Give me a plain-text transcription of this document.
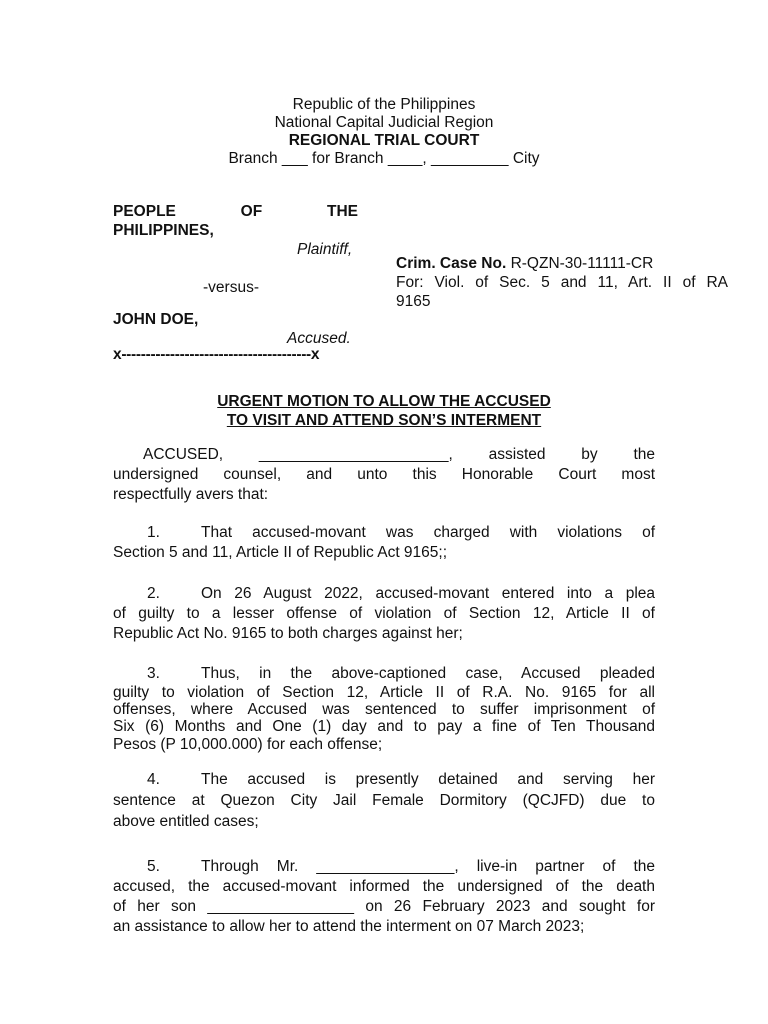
Republic of the Philippines
National Capital Judicial Region
REGIONAL TRIAL COURT
Branch ___ for Branch ____, _________ City
PEOPLE OF THE
PHILIPPINES,
Plaintiff,
-versus-
JOHN DOE,
Accused.
x---------------------------------------x
Crim. Case No. R-QZN-30-11111-CR
For: Viol. of Sec. 5 and 11, Art. II of RA
9165
URGENT MOTION TO ALLOW THE ACCUSED
TO VISIT AND ATTEND SON’S INTERMENT
ACCUSED, ______________________, assisted by the
undersigned counsel, and unto this Honorable Court most
respectfully avers that:
1.	That accused-movant was charged with violations of
Section 5 and 11, Article II of Republic Act 9165;;
2.	On 26 August 2022, accused-movant entered into a plea
of guilty to a lesser offense of violation of Section 12, Article II of
Republic Act No. 9165 to both charges against her;
3.	Thus, in the above-captioned case, Accused pleaded
guilty to violation of Section 12, Article II of R.A. No. 9165 for all
offenses, where Accused was sentenced to suffer imprisonment of
Six (6) Months and One (1) day and to pay a fine of Ten Thousand
Pesos (P 10,000.000) for each offense;
4.	The accused is presently detained and serving her
sentence at Quezon City Jail Female Dormitory (QCJFD) due to
above entitled cases;
5.	Through Mr. ________________, live-in partner of the
accused, the accused-movant informed the undersigned of the death
of her son _________________ on 26 February 2023 and sought for
an assistance to allow her to attend the interment on 07 March 2023;
